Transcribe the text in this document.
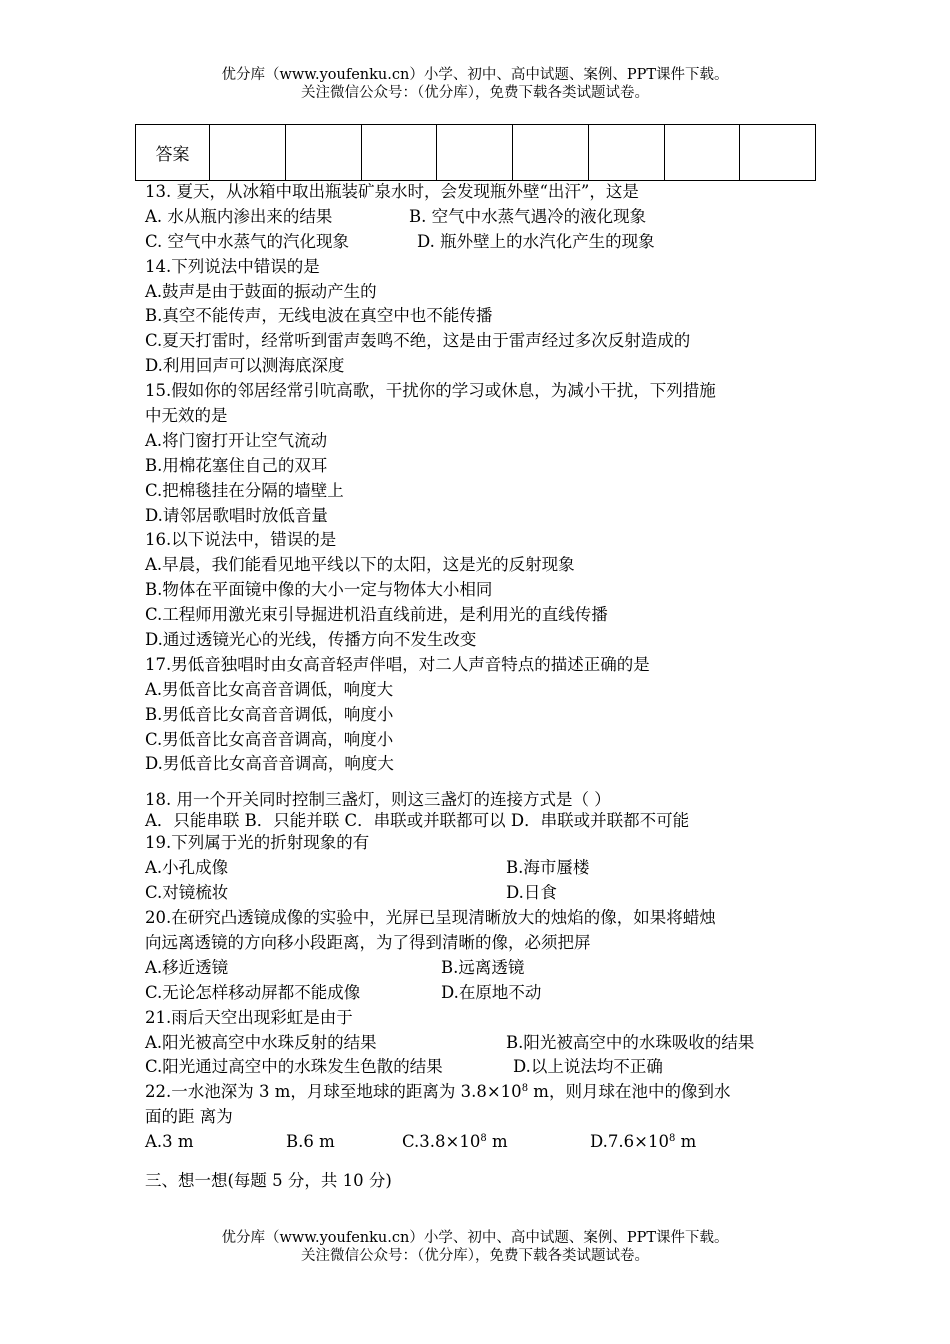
优分库（www.youfenku.cn）小学、初中、高中试题、案例、PPT课件下载。
关注微信公众号：（优分库），免费下载各类试题试卷。
答案								
13. 夏天，从冰箱中取出瓶装矿泉水时，会发现瓶外壁“出汗”，这是
A. 水从瓶内渗出来的结果	B. 空气中水蒸气遇冷的液化现象
C. 空气中水蒸气的汽化现象	D. 瓶外壁上的水汽化产生的现象
14.下列说法中错误的是
A.鼓声是由于鼓面的振动产生的
B.真空不能传声，无线电波在真空中也不能传播
C.夏天打雷时，经常听到雷声轰鸣不绝，这是由于雷声经过多次反射造成的
D.利用回声可以测海底深度
15.假如你的邻居经常引吭高歌，干扰你的学习或休息，为减小干扰，下列措施
中无效的是
A.将门窗打开让空气流动
B.用棉花塞住自己的双耳
C.把棉毯挂在分隔的墙壁上
D.请邻居歌唱时放低音量
16.以下说法中，错误的是
A.早晨，我们能看见地平线以下的太阳，这是光的反射现象
B.物体在平面镜中像的大小一定与物体大小相同
C.工程师用激光束引导掘进机沿直线前进，是利用光的直线传播
D.通过透镜光心的光线，传播方向不发生改变
17.男低音独唱时由女高音轻声伴唱，对二人声音特点的描述正确的是
A.男低音比女高音音调低，响度大
B.男低音比女高音音调低，响度小
C.男低音比女高音音调高，响度小
D.男低音比女高音音调高，响度大
18. 用一个开关同时控制三盏灯，则这三盏灯的连接方式是（ ）
A．只能串联 B．只能并联 C．串联或并联都可以 D．串联或并联都不可能
19.下列属于光的折射现象的有
A.小孔成像	B.海市蜃楼
C.对镜梳妆	D.日食
20.在研究凸透镜成像的实验中，光屏已呈现清晰放大的烛焰的像，如果将蜡烛
向远离透镜的方向移小段距离，为了得到清晰的像，必须把屏
A.移近透镜	B.远离透镜
C.无论怎样移动屏都不能成像	D.在原地不动
21.雨后天空出现彩虹是由于
A.阳光被高空中水珠反射的结果	B.阳光被高空中的水珠吸收的结果
C.阳光通过高空中的水珠发生色散的结果	D.以上说法均不正确
22.一水池深为 3 m，月球至地球的距离为 $3.8\times 10^8$ m，则月球在池中的像到水
面的距 离为
A.3 m	B.6 m	$C.3.8\times 10^8$ m	$D.7.6\times 10^8$ m
三、想一想(每题 5 分，共 10 分)
优分库（www.youfenku.cn）小学、初中、高中试题、案例、PPT课件下载。
关注微信公众号：（优分库），免费下载各类试题试卷。
